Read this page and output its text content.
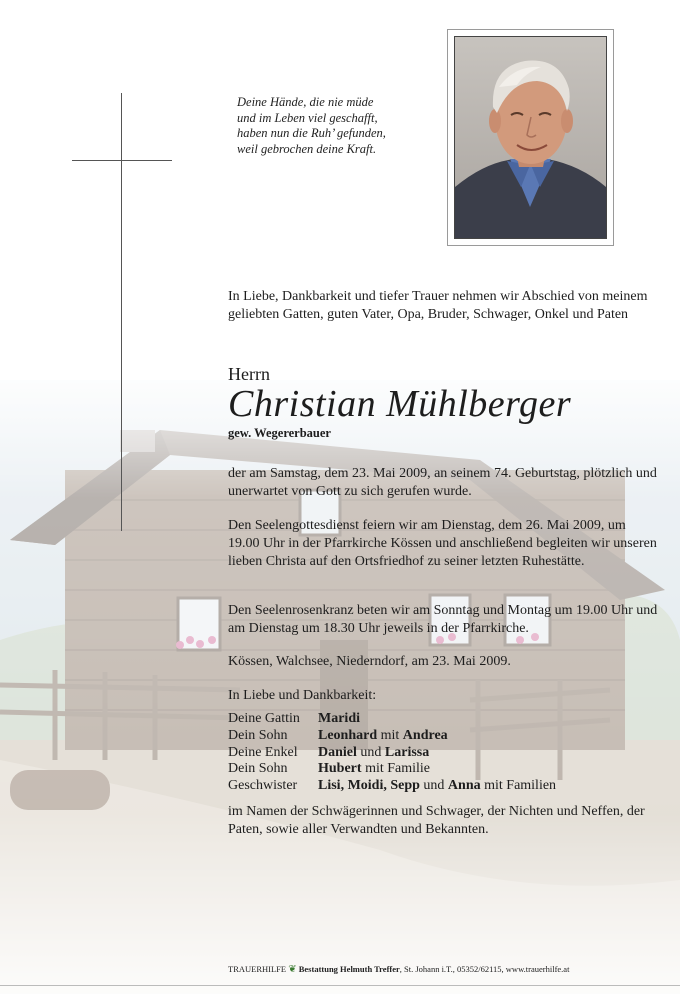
Deine Hände, die nie müde
und im Leben viel geschafft,
haben nun die Ruh’ gefunden,
weil gebrochen deine Kraft.
In Liebe, Dankbarkeit und tiefer Trauer nehmen wir Abschied von meinem geliebten Gatten, guten Vater, Opa, Bruder, Schwager, Onkel und Paten
Herrn
Christian Mühlberger
gew. Wegererbauer
der am Samstag, dem 23. Mai 2009, an seinem 74. Geburtstag, plötzlich und unerwartet von Gott zu sich gerufen wurde.
Den Seelengottesdienst feiern wir am Dienstag, dem 26. Mai 2009, um 19.00 Uhr in der Pfarrkirche Kössen und anschließend begleiten wir unseren lieben Christa auf den Ortsfriedhof zu seiner letzten Ruhestätte.
Den Seelenrosenkranz beten wir am Sonntag und Montag um 19.00 Uhr und am Dienstag um 18.30 Uhr jeweils in der Pfarrkirche.
Kössen, Walchsee, Niederndorf, am 23. Mai 2009.
In Liebe und Dankbarkeit:
Deine Gattin	Maridi
Dein Sohn	Leonhard mit Andrea
Deine Enkel	Daniel und Larissa
Dein Sohn	Hubert mit Familie
Geschwister	Lisi, Moidi, Sepp und Anna mit Familien
im Namen der Schwägerinnen und Schwager, der Nichten und Neffen, der Paten, sowie aller Verwandten und Bekannten.
TRAUERHILFE ❦ Bestattung Helmuth Treffer, St. Johann i.T., 05352/62115, www.trauerhilfe.at
